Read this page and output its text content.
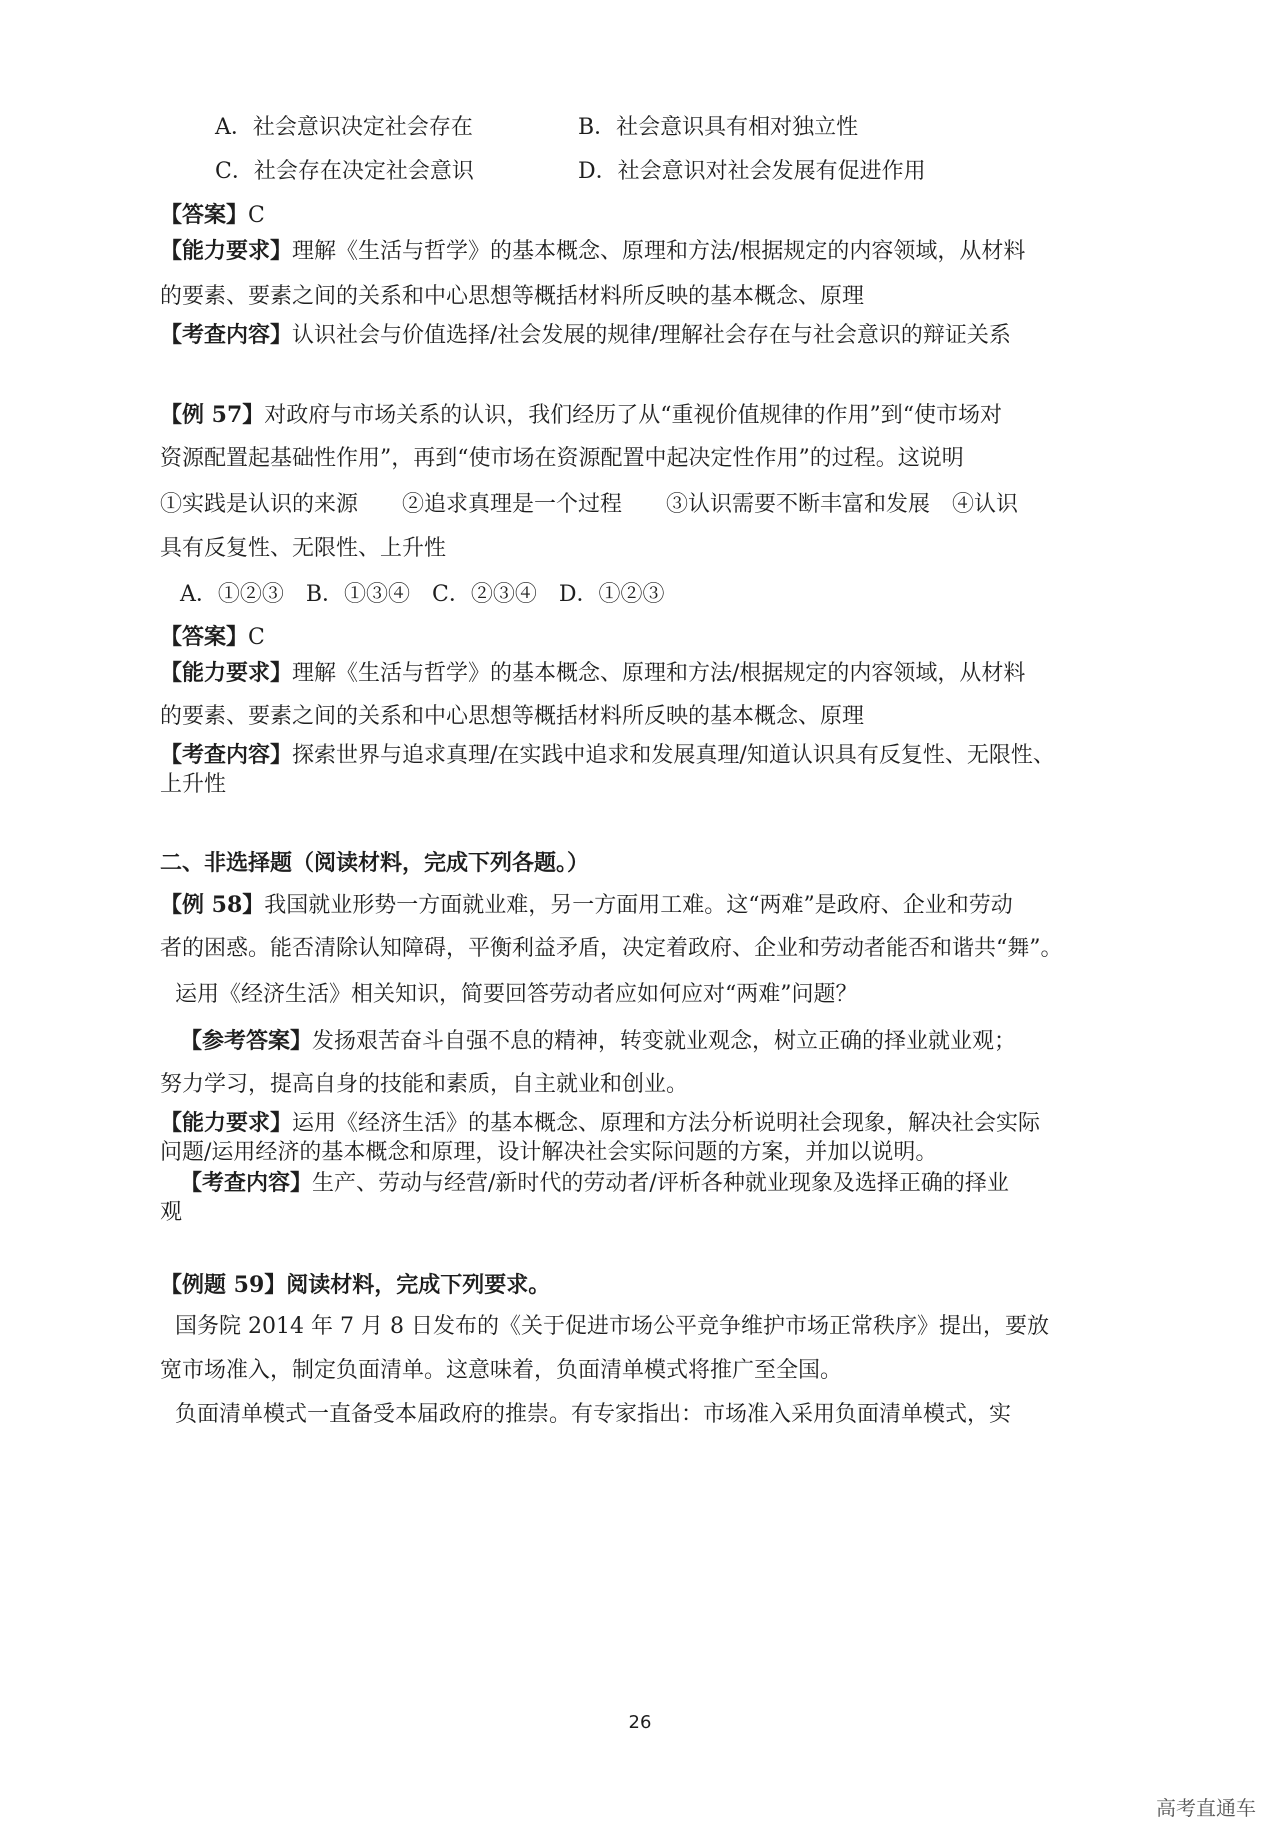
A．社会意识决定社会存在	B．社会意识具有相对独立性
C．社会存在决定社会意识	D．社会意识对社会发展有促进作用
【答案】C
【能力要求】理解《生活与哲学》的基本概念、原理和方法/根据规定的内容领域，从材料
的要素、要素之间的关系和中心思想等概括材料所反映的基本概念、原理
【考查内容】认识社会与价值选择/社会发展的规律/理解社会存在与社会意识的辩证关系
【例 57】对政府与市场关系的认识，我们经历了从“重视价值规律的作用”到“使市场对
资源配置起基础性作用”，再到“使市场在资源配置中起决定性作用”的过程。这说明
①实践是认识的来源　　②追求真理是一个过程　　③认识需要不断丰富和发展　④认识
具有反复性、无限性、上升性
A．①②③　B．①③④　C．②③④　D．①②③
【答案】C
【能力要求】理解《生活与哲学》的基本概念、原理和方法/根据规定的内容领域，从材料
的要素、要素之间的关系和中心思想等概括材料所反映的基本概念、原理
【考查内容】探索世界与追求真理/在实践中追求和发展真理/知道认识具有反复性、无限性、
上升性
二、非选择题（阅读材料，完成下列各题。）
【例 58】我国就业形势一方面就业难，另一方面用工难。这“两难”是政府、企业和劳动
者的困惑。能否清除认知障碍，平衡利益矛盾，决定着政府、企业和劳动者能否和谐共“舞”。
运用《经济生活》相关知识，简要回答劳动者应如何应对“两难”问题？
【参考答案】发扬艰苦奋斗自强不息的精神，转变就业观念，树立正确的择业就业观；
努力学习，提高自身的技能和素质，自主就业和创业。
【能力要求】运用《经济生活》的基本概念、原理和方法分析说明社会现象，解决社会实际
问题/运用经济的基本概念和原理，设计解决社会实际问题的方案，并加以说明。
【考查内容】生产、劳动与经营/新时代的劳动者/评析各种就业现象及选择正确的择业
观
【例题 59】阅读材料，完成下列要求。
国务院 2014 年 7 月 8 日发布的《关于促进市场公平竞争维护市场正常秩序》提出，要放
宽市场准入，制定负面清单。这意味着，负面清单模式将推广至全国。
负面清单模式一直备受本届政府的推崇。有专家指出：市场准入采用负面清单模式，实
26
高考直通车
